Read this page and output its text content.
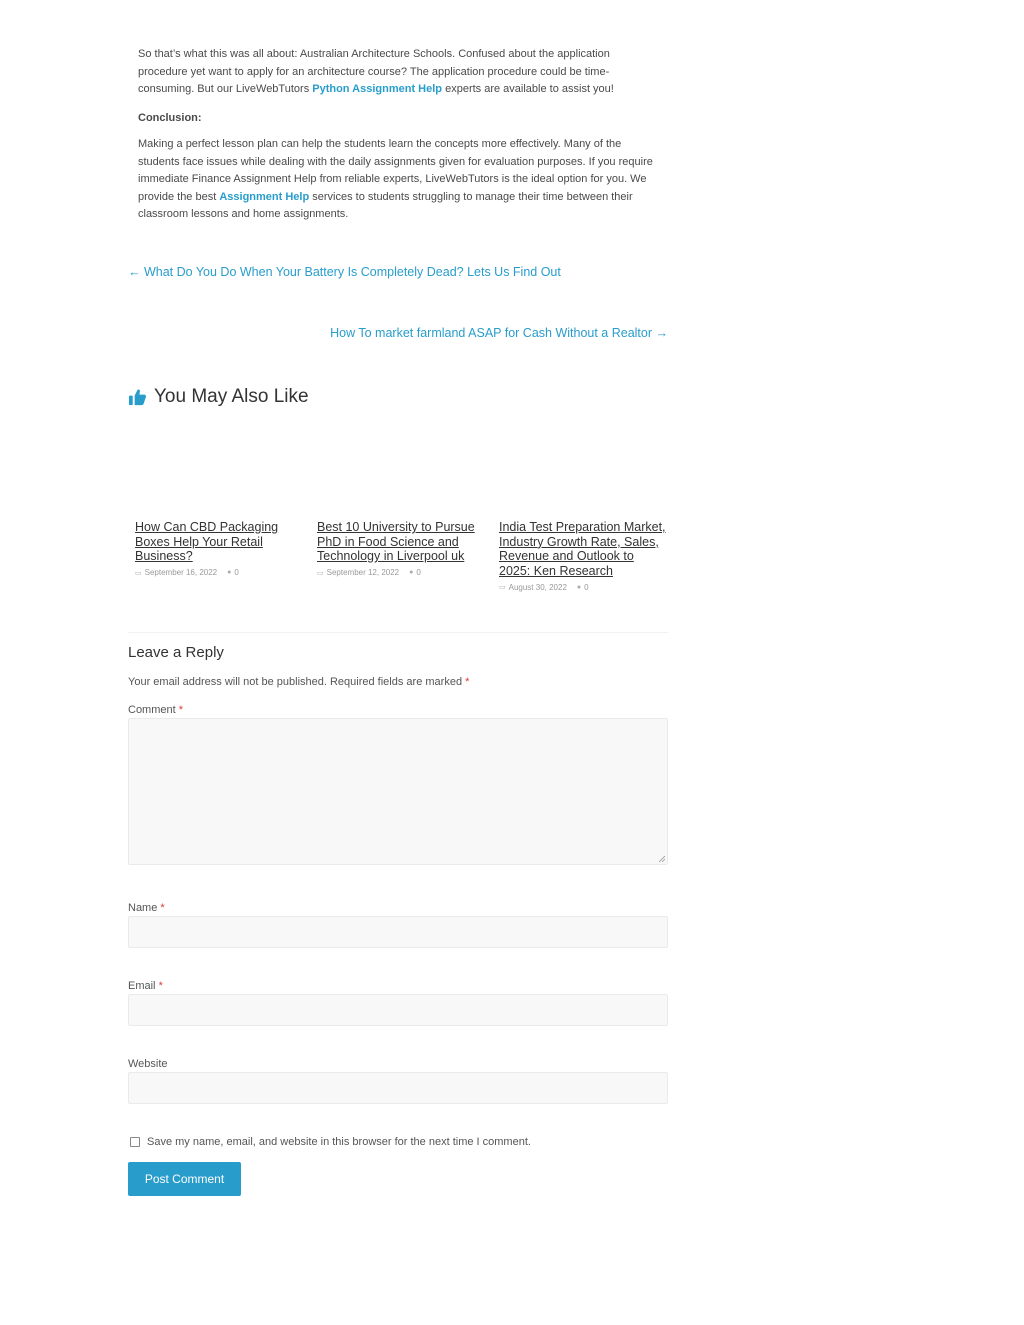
So that’s what this was all about: Australian Architecture Schools. Confused about the application procedure yet want to apply for an architecture course? The application procedure could be time-consuming. But our LiveWebTutors Python Assignment Help experts are available to assist you!

Conclusion:

Making a perfect lesson plan can help the students learn the concepts more effectively. Many of the students face issues while dealing with the daily assignments given for evaluation purposes. If you require immediate Finance Assignment Help from reliable experts, LiveWebTutors is the ideal option for you. We provide the best Assignment Help services to students struggling to manage their time between their classroom lessons and home assignments.

← What Do You Do When Your Battery Is Completely Dead? Lets Us Find Out
How To market farmland ASAP for Cash Without a Realtor →
You May Also Like
How Can CBD Packaging Boxes Help Your Retail Business?
▭ September 16, 2022 ● 0
Best 10 University to Pursue PhD in Food Science and Technology in Liverpool uk
▭ September 12, 2022 ● 0
India Test Preparation Market, Industry Growth Rate, Sales, Revenue and Outlook to 2025: Ken Research
▭ August 30, 2022 ● 0
Leave a Reply
Your email address will not be published. Required fields are marked *
Comment *
Name *
Email *
Website
Save my name, email, and website in this browser for the next time I comment.
Post Comment
